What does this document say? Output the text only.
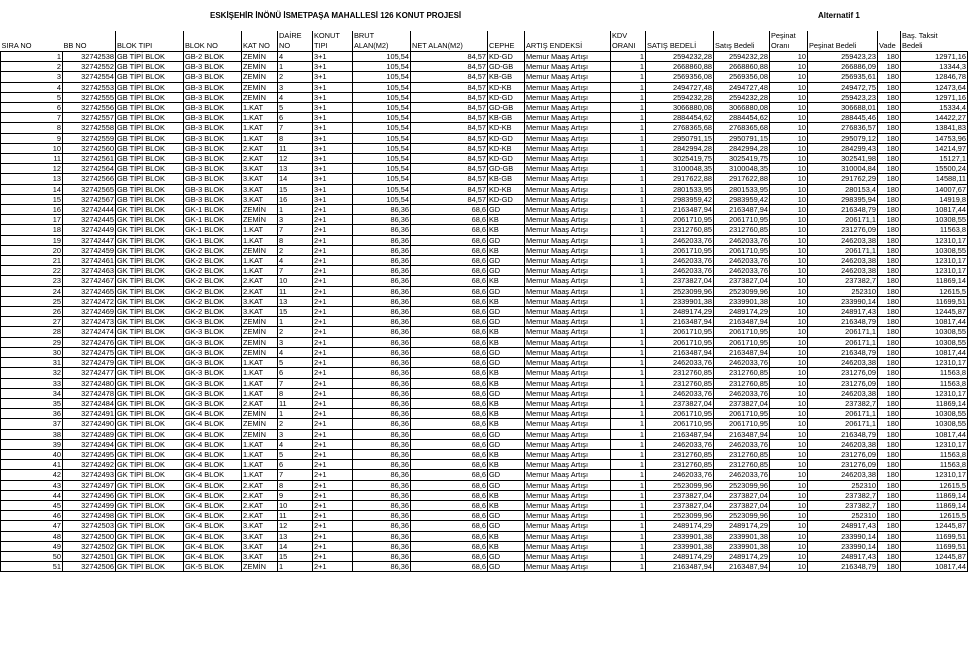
ESKİŞEHİR İNÖNÜ İSMETPAŞA MAHALLESİ 126 KONUT PROJESİ	Alternatif 1
					DAİRE	KONUT	BRUT				KDV			Peşinat			Baş. Taksit
SIRA NO	BB NO	BLOK TIPI	BLOK NO	KAT NO	NO	TIPI	ALAN(M2)	NET ALAN(M2)	CEPHE	ARTIŞ ENDEKSİ	ORANI	SATIŞ BEDELİ	Satış Bedeli	Oranı	Peşinat Bedeli	Vade	Bedeli
1	32742538	GB TİPİ BLOK	GB-2 BLOK	ZEMİN	4	3+1	105,54	84,57	KD-GD	Memur Maaş Artışı	1	2594232,28	2594232,28	10	259423,23	180	12971,16
2	32742552	GB TİPİ BLOK	GB-3 BLOK	ZEMİN	1	3+1	105,54	84,57	GD-GB	Memur Maaş Artışı	1	2668860,88	2668860,88	10	266886,09	180	13344,3
3	32742554	GB TİPİ BLOK	GB-3 BLOK	ZEMİN	2	3+1	105,54	84,57	KB-GB	Memur Maaş Artışı	1	2569356,08	2569356,08	10	256935,61	180	12846,78
4	32742553	GB TİPİ BLOK	GB-3 BLOK	ZEMİN	3	3+1	105,54	84,57	KD-KB	Memur Maaş Artışı	1	2494727,48	2494727,48	10	249472,75	180	12473,64
5	32742555	GB TİPİ BLOK	GB-3 BLOK	ZEMİN	4	3+1	105,54	84,57	KD-GD	Memur Maaş Artışı	1	2594232,28	2594232,28	10	259423,23	180	12971,16
6	32742556	GB TİPİ BLOK	GB-3 BLOK	1.KAT	5	3+1	105,54	84,57	GD-GB	Memur Maaş Artışı	1	3066880,08	3066880,08	10	306688,01	180	15334,4
7	32742557	GB TİPİ BLOK	GB-3 BLOK	1.KAT	6	3+1	105,54	84,57	KB-GB	Memur Maaş Artışı	1	2884454,62	2884454,62	10	288445,46	180	14422,27
8	32742558	GB TİPİ BLOK	GB-3 BLOK	1.KAT	7	3+1	105,54	84,57	KD-KB	Memur Maaş Artışı	1	2768365,68	2768365,68	10	276836,57	180	13841,83
9	32742559	GB TİPİ BLOK	GB-3 BLOK	1.KAT	8	3+1	105,54	84,57	KD-GD	Memur Maaş Artışı	1	2950791,15	2950791,15	10	295079,12	180	14753,96
10	32742560	GB TİPİ BLOK	GB-3 BLOK	2.KAT	11	3+1	105,54	84,57	KD-KB	Memur Maaş Artışı	1	2842994,28	2842994,28	10	284299,43	180	14214,97
11	32742561	GB TİPİ BLOK	GB-3 BLOK	2.KAT	12	3+1	105,54	84,57	KD-GD	Memur Maaş Artışı	1	3025419,75	3025419,75	10	302541,98	180	15127,1
12	32742564	GB TİPİ BLOK	GB-3 BLOK	3.KAT	13	3+1	105,54	84,57	GD-GB	Memur Maaş Artışı	1	3100048,35	3100048,35	10	310004,84	180	15500,24
13	32742566	GB TİPİ BLOK	GB-3 BLOK	3.KAT	14	3+1	105,54	84,57	KB-GB	Memur Maaş Artışı	1	2917622,88	2917622,88	10	291762,29	180	14588,11
14	32742565	GB TİPİ BLOK	GB-3 BLOK	3.KAT	15	3+1	105,54	84,57	KD-KB	Memur Maaş Artışı	1	2801533,95	2801533,95	10	280153,4	180	14007,67
15	32742567	GB TİPİ BLOK	GB-3 BLOK	3.KAT	16	3+1	105,54	84,57	KD-GD	Memur Maaş Artışı	1	2983959,42	2983959,42	10	298395,94	180	14919,8
16	32742444	GK TİPİ BLOK	GK-1 BLOK	ZEMİN	1	2+1	86,36	68,6	GD	Memur Maaş Artışı	1	2163487,94	2163487,94	10	216348,79	180	10817,44
17	32742445	GK TİPİ BLOK	GK-1 BLOK	ZEMİN	3	2+1	86,36	68,6	KB	Memur Maaş Artışı	1	2061710,95	2061710,95	10	206171,1	180	10308,55
18	32742449	GK TİPİ BLOK	GK-1 BLOK	1.KAT	7	2+1	86,36	68,6	KB	Memur Maaş Artışı	1	2312760,85	2312760,85	10	231276,09	180	11563,8
19	32742447	GK TİPİ BLOK	GK-1 BLOK	1.KAT	8	2+1	86,36	68,6	GD	Memur Maaş Artışı	1	2462033,76	2462033,76	10	246203,38	180	12310,17
20	32742459	GK TİPİ BLOK	GK-2 BLOK	ZEMİN	2	2+1	86,36	68,6	KB	Memur Maaş Artışı	1	2061710,95	2061710,95	10	206171,1	180	10308,55
21	32742461	GK TİPİ BLOK	GK-2 BLOK	1.KAT	4	2+1	86,36	68,6	GD	Memur Maaş Artışı	1	2462033,76	2462033,76	10	246203,38	180	12310,17
22	32742463	GK TİPİ BLOK	GK-2 BLOK	1.KAT	7	2+1	86,36	68,6	GD	Memur Maaş Artışı	1	2462033,76	2462033,76	10	246203,38	180	12310,17
23	32742467	GK TİPİ BLOK	GK-2 BLOK	2.KAT	10	2+1	86,36	68,6	KB	Memur Maaş Artışı	1	2373827,04	2373827,04	10	237382,7	180	11869,14
24	32742465	GK TİPİ BLOK	GK-2 BLOK	2.KAT	11	2+1	86,36	68,6	GD	Memur Maaş Artışı	1	2523099,96	2523099,96	10	252310	180	12615,5
25	32742472	GK TİPİ BLOK	GK-2 BLOK	3.KAT	13	2+1	86,36	68,6	KB	Memur Maaş Artışı	1	2339901,38	2339901,38	10	233990,14	180	11699,51
26	32742469	GK TİPİ BLOK	GK-2 BLOK	3.KAT	15	2+1	86,36	68,6	GD	Memur Maaş Artışı	1	2489174,29	2489174,29	10	248917,43	180	12445,87
27	32742473	GK TİPİ BLOK	GK-3 BLOK	ZEMİN	1	2+1	86,36	68,6	GD	Memur Maaş Artışı	1	2163487,94	2163487,94	10	216348,79	180	10817,44
28	32742474	GK TİPİ BLOK	GK-3 BLOK	ZEMİN	2	2+1	86,36	68,6	KB	Memur Maaş Artışı	1	2061710,95	2061710,95	10	206171,1	180	10308,55
29	32742476	GK TİPİ BLOK	GK-3 BLOK	ZEMİN	3	2+1	86,36	68,6	KB	Memur Maaş Artışı	1	2061710,95	2061710,95	10	206171,1	180	10308,55
30	32742475	GK TİPİ BLOK	GK-3 BLOK	ZEMİN	4	2+1	86,36	68,6	GD	Memur Maaş Artışı	1	2163487,94	2163487,94	10	216348,79	180	10817,44
31	32742479	GK TİPİ BLOK	GK-3 BLOK	1.KAT	5	2+1	86,36	68,6	GD	Memur Maaş Artışı	1	2462033,76	2462033,76	10	246203,38	180	12310,17
32	32742477	GK TİPİ BLOK	GK-3 BLOK	1.KAT	6	2+1	86,36	68,6	KB	Memur Maaş Artışı	1	2312760,85	2312760,85	10	231276,09	180	11563,8
33	32742480	GK TİPİ BLOK	GK-3 BLOK	1.KAT	7	2+1	86,36	68,6	KB	Memur Maaş Artışı	1	2312760,85	2312760,85	10	231276,09	180	11563,8
34	32742478	GK TİPİ BLOK	GK-3 BLOK	1.KAT	8	2+1	86,36	68,6	GD	Memur Maaş Artışı	1	2462033,76	2462033,76	10	246203,38	180	12310,17
35	32742484	GK TİPİ BLOK	GK-3 BLOK	2.KAT	11	2+1	86,36	68,6	KB	Memur Maaş Artışı	1	2373827,04	2373827,04	10	237382,7	180	11869,14
36	32742491	GK TİPİ BLOK	GK-4 BLOK	ZEMİN	1	2+1	86,36	68,6	KB	Memur Maaş Artışı	1	2061710,95	2061710,95	10	206171,1	180	10308,55
37	32742490	GK TİPİ BLOK	GK-4 BLOK	ZEMİN	2	2+1	86,36	68,6	KB	Memur Maaş Artışı	1	2061710,95	2061710,95	10	206171,1	180	10308,55
38	32742489	GK TİPİ BLOK	GK-4 BLOK	ZEMİN	3	2+1	86,36	68,6	GD	Memur Maaş Artışı	1	2163487,94	2163487,94	10	216348,79	180	10817,44
39	32742494	GK TİPİ BLOK	GK-4 BLOK	1.KAT	4	2+1	86,36	68,6	GD	Memur Maaş Artışı	1	2462033,76	2462033,76	10	246203,38	180	12310,17
40	32742495	GK TİPİ BLOK	GK-4 BLOK	1.KAT	5	2+1	86,36	68,6	KB	Memur Maaş Artışı	1	2312760,85	2312760,85	10	231276,09	180	11563,8
41	32742492	GK TİPİ BLOK	GK-4 BLOK	1.KAT	6	2+1	86,36	68,6	KB	Memur Maaş Artışı	1	2312760,85	2312760,85	10	231276,09	180	11563,8
42	32742493	GK TİPİ BLOK	GK-4 BLOK	1.KAT	7	2+1	86,36	68,6	GD	Memur Maaş Artışı	1	2462033,76	2462033,76	10	246203,38	180	12310,17
43	32742497	GK TİPİ BLOK	GK-4 BLOK	2.KAT	8	2+1	86,36	68,6	GD	Memur Maaş Artışı	1	2523099,96	2523099,96	10	252310	180	12615,5
44	32742496	GK TİPİ BLOK	GK-4 BLOK	2.KAT	9	2+1	86,36	68,6	KB	Memur Maaş Artışı	1	2373827,04	2373827,04	10	237382,7	180	11869,14
45	32742499	GK TİPİ BLOK	GK-4 BLOK	2.KAT	10	2+1	86,36	68,6	KB	Memur Maaş Artışı	1	2373827,04	2373827,04	10	237382,7	180	11869,14
46	32742498	GK TİPİ BLOK	GK-4 BLOK	2.KAT	11	2+1	86,36	68,6	GD	Memur Maaş Artışı	1	2523099,96	2523099,96	10	252310	180	12615,5
47	32742503	GK TİPİ BLOK	GK-4 BLOK	3.KAT	12	2+1	86,36	68,6	GD	Memur Maaş Artışı	1	2489174,29	2489174,29	10	248917,43	180	12445,87
48	32742500	GK TİPİ BLOK	GK-4 BLOK	3.KAT	13	2+1	86,36	68,6	KB	Memur Maaş Artışı	1	2339901,38	2339901,38	10	233990,14	180	11699,51
49	32742502	GK TİPİ BLOK	GK-4 BLOK	3.KAT	14	2+1	86,36	68,6	KB	Memur Maaş Artışı	1	2339901,38	2339901,38	10	233990,14	180	11699,51
50	32742501	GK TİPİ BLOK	GK-4 BLOK	3.KAT	15	2+1	86,36	68,6	GD	Memur Maaş Artışı	1	2489174,29	2489174,29	10	248917,43	180	12445,87
51	32742506	GK TİPİ BLOK	GK-5 BLOK	ZEMİN	1	2+1	86,36	68,6	GD	Memur Maaş Artışı	1	2163487,94	2163487,94	10	216348,79	180	10817,44
